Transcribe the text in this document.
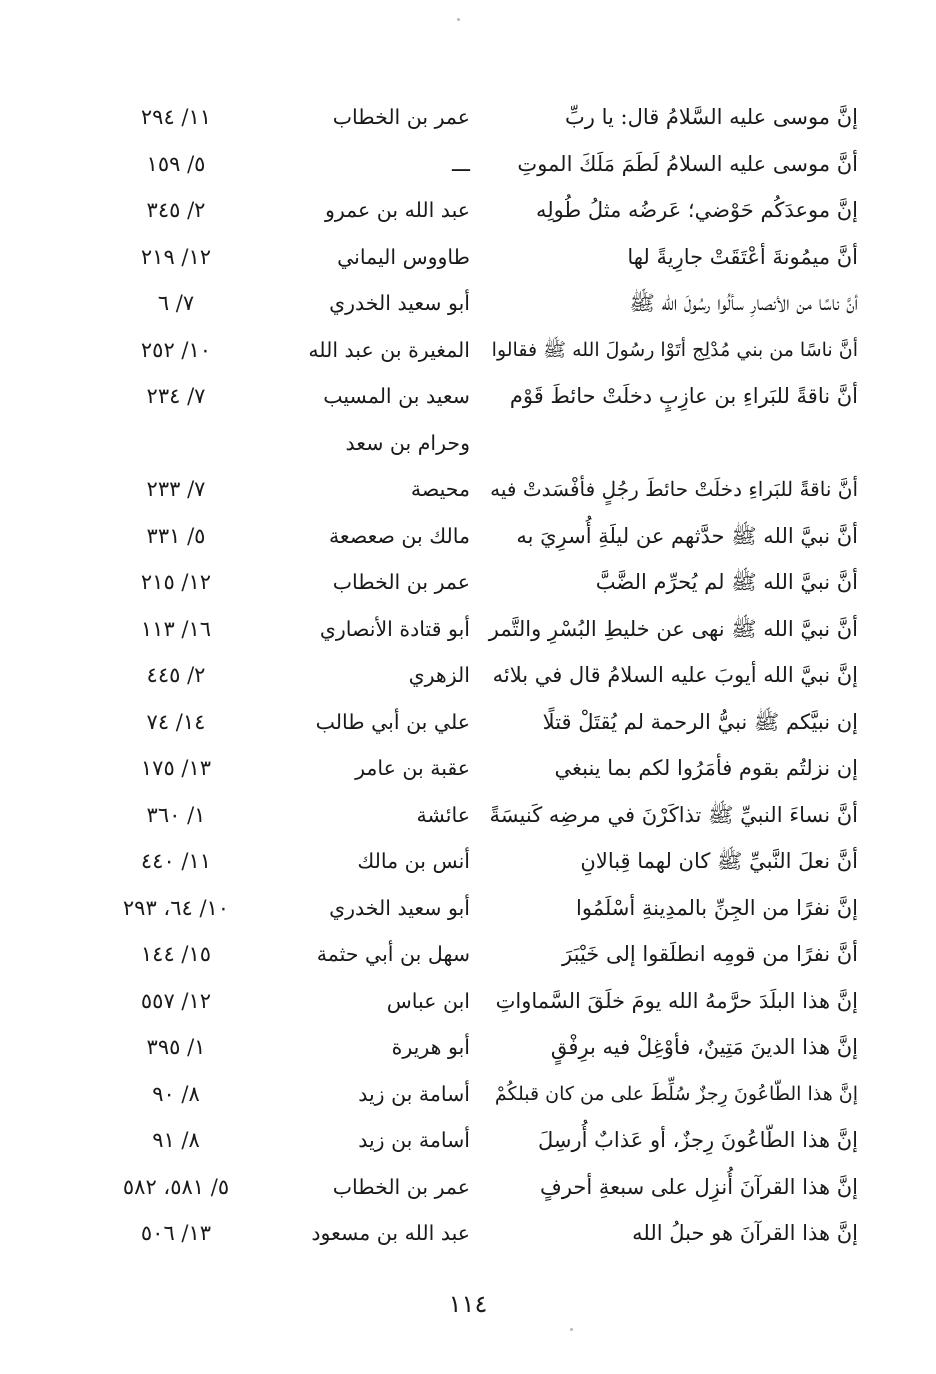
إنَّ موسى عليه السَّلامُ قال: يا ربِّ
عمر بن الخطاب
١١/ ٢٩٤
أنَّ موسى عليه السلامُ لَطَمَ مَلَكَ الموتِ
ـــ
٥/ ١٥٩
إنَّ موعدَكُم حَوْضي؛ عَرضُه مثلُ طُولِه
عبد الله بن عمرو
٢/ ٣٤٥
أنَّ ميمُونةَ أعْتَقَتْ جارِيةً لها
طاووس اليماني
١٢/ ٢١٩
أنَّ ناسًا من الأنصارِ سألُوا رسُولَ الله ﷺ
أبو سعيد الخدري
٧/ ٦
أنَّ ناسًا من بني مُدْلِج أتَوْا رسُولَ الله ﷺ فقالوا
المغيرة بن عبد الله
١٠/ ٢٥٢
أنَّ ناقةً للبَراءِ بن عازِبٍ دخلَتْ حائطَ قَوْم
سعيد بن المسيب
٧/ ٢٣٤
وحرام بن سعد
أنَّ ناقةً للبَراءِ دخلَتْ حائطَ رجُلٍ فأفْسَدتْ فيه
محيصة
٧/ ٢٣٣
أنَّ نبيَّ الله ﷺ حدَّثهم عن ليلَةِ أُسرِيَ به
مالك بن صعصعة
٥/ ٣٣١
أنَّ نبيَّ الله ﷺ لم يُحرِّم الضَّبَّ
عمر بن الخطاب
١٢/ ٢١٥
أنَّ نبيَّ الله ﷺ نهى عن خليطِ البُسْرِ والتَّمر
أبو قتادة الأنصاري
١٦/ ١١٣
إنَّ نبيَّ الله أيوبَ عليه السلامُ قال في بلائه
الزهري
٢/ ٤٤٥
إن نبيَّكم ﷺ نبيُّ الرحمة لم يُقتَلْ قتلًا
علي بن أبي طالب
١٤/ ٧٤
إن نزلتُم بقوم فأمَرُوا لكم بما ينبغي
عقبة بن عامر
١٣/ ١٧٥
أنَّ نساءَ النبيِّ ﷺ تذاكَرْنَ في مرضِه كَنيسَةً
عائشة
١/ ٣٦٠
أنَّ نعلَ النَّبيِّ ﷺ كان لهما قِبالانِ
أنس بن مالك
١١/ ٤٤٠
إنَّ نفرًا من الجِنِّ بالمدِينةِ أسْلَمُوا
أبو سعيد الخدري
١٠/ ٦٤، ٢٩٣
أنَّ نفرًا من قومِه انطلَقوا إلى خَيْبَرَ
سهل بن أبي حثمة
١٥/ ١٤٤
إنَّ هذا البلَدَ حرَّمهُ الله يومَ خلَقَ السَّماواتِ
ابن عباس
١٢/ ٥٥٧
إنَّ هذا الدينَ مَتِينٌ، فأوْغِلْ فيه برِفْقٍ
أبو هريرة
١/ ٣٩٥
إنَّ هذا الطّاعُونَ رِجزٌ سُلِّطَ على من كان قبلكُمْ
أسامة بن زيد
٨/ ٩٠
إنَّ هذا الطّاعُونَ رِجزٌ، أو عَذابٌ أُرسِلَ
أسامة بن زيد
٨/ ٩١
إنَّ هذا القرآنَ أُنزِل على سبعةِ أحرفٍ
عمر بن الخطاب
٥/ ٥٨١، ٥٨٢
إنَّ هذا القرآنَ هو حبلُ الله
عبد الله بن مسعود
١٣/ ٥٠٦
١١٤
